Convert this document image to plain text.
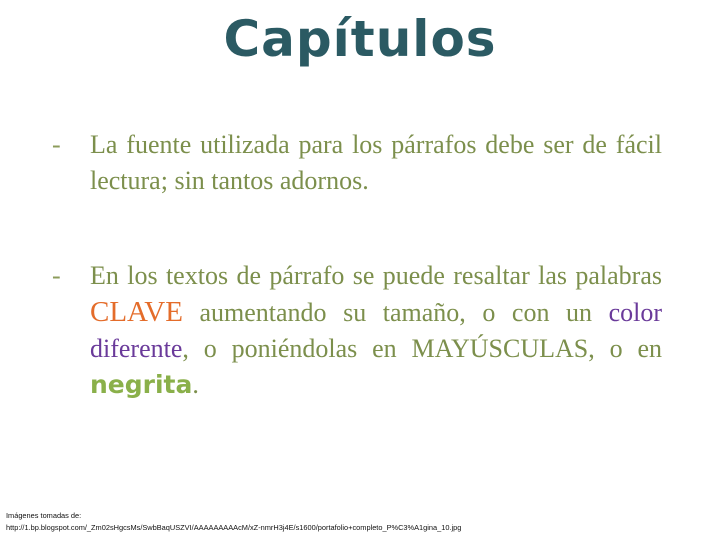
Capítulos
- La fuente utilizada para los párrafos debe ser de fácil lectura; sin tantos adornos.
- En los textos de párrafo se puede resaltar las palabras CLAVE aumentando su tamaño, o con un color diferente, o poniéndolas en MAYÚSCULAS, o en negrita.
Imágenes tomadas de:
http://1.bp.blogspot.com/_Zm02sHgcsMs/SwbBaqUSZVI/AAAAAAAAAcM/xZ-nmrH3j4E/s1600/portafolio+completo_P%C3%A1gina_10.jpg
